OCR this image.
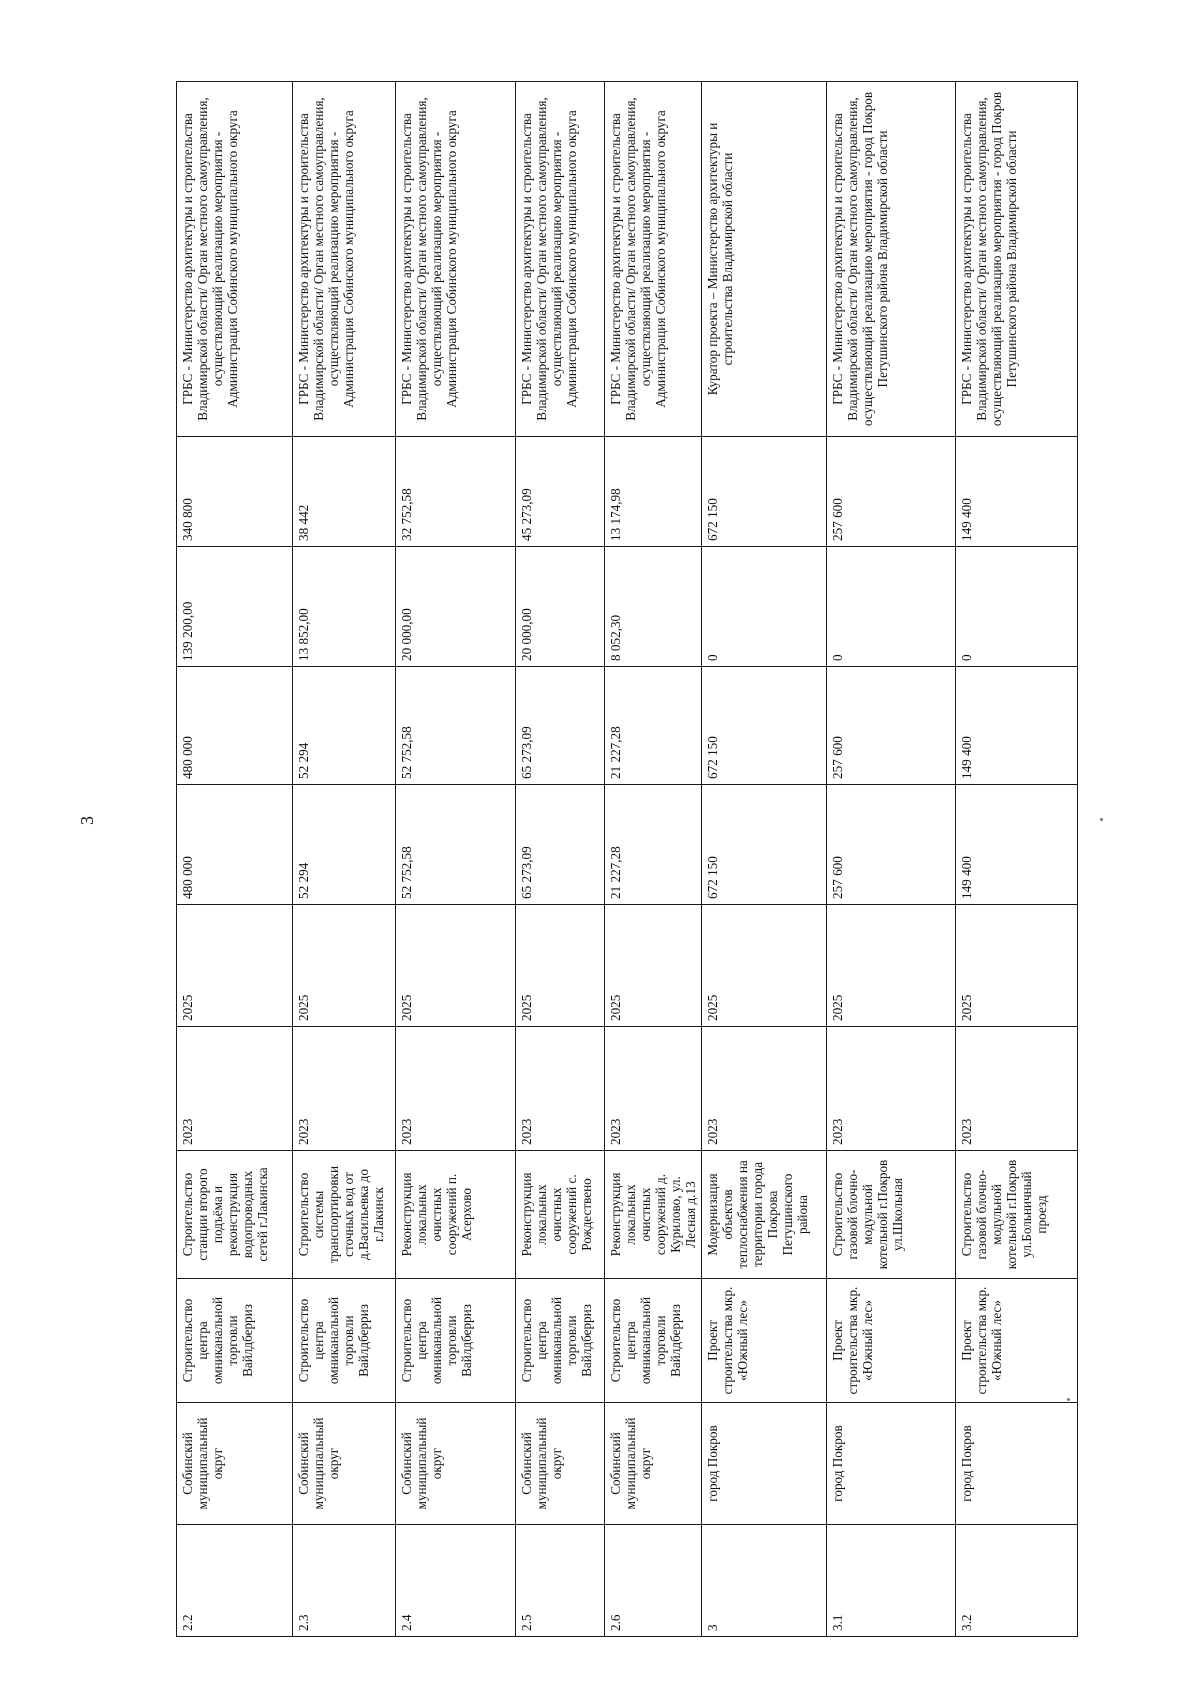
3
2.2	Собинский муниципальный округ	Строительство центра омниканальной торговли Вайлдберриз	Строительство станции второго подъёма и реконструкция водопроводных сетей г.Лакинска	2023	2025	480 000	480 000	139 200,00	340 800	ГРБС - Министерство архитектуры и строительства Владимирской области/ Орган местного самоуправления, осуществляющий реализацию мероприятия - Администрация Собинского муниципального округа
2.3	Собинский муниципальный округ	Строительство центра омниканальной торговли Вайлдберриз	Строительство системы транспортировки сточных вод от д.Васильевка до г.Лакинск	2023	2025	52 294	52 294	13 852,00	38 442	ГРБС - Министерство архитектуры и строительства Владимирской области/ Орган местного самоуправления, осуществляющий реализацию мероприятия - Администрация Собинского муниципального округа
2.4	Собинский муниципальный округ	Строительство центра омниканальной торговли Вайлдберриз	Реконструкция локальных очистных сооружений п. Асерхово	2023	2025	52 752,58	52 752,58	20 000,00	32 752,58	ГРБС - Министерство архитектуры и строительства Владимирской области/ Орган местного самоуправления, осуществляющий реализацию мероприятия - Администрация Собинского муниципального округа
2.5	Собинский муниципальный округ	Строительство центра омниканальной торговли Вайлдберриз	Реконструкция локальных очистных сооружений с. Рождествено	2023	2025	65 273,09	65 273,09	20 000,00	45 273,09	ГРБС - Министерство архитектуры и строительства Владимирской области/ Орган местного самоуправления, осуществляющий реализацию мероприятия - Администрация Собинского муниципального округа
2.6	Собинский муниципальный округ	Строительство центра омниканальной торговли Вайлдберриз	Реконструкция локальных очистных сооружений д. Курилово, ул. Лесная д.13	2023	2025	21 227,28	21 227,28	8 052,30	13 174,98	ГРБС - Министерство архитектуры и строительства Владимирской области/ Орган местного самоуправления, осуществляющий реализацию мероприятия - Администрация Собинского муниципального округа
3	город Покров	Проект строительства мкр. «Южный лес»	Модернизация объектов теплоснабжения на территории города Покрова Петушинского района	2023	2025	672 150	672 150	0	672 150	Куратор проекта – Министерство архитектуры и строительства Владимирской области
3.1	город Покров	Проект строительства мкр. «Южный лес»	Строительство газовой блочно-модульной котельной г.Покров ул.Школьная	2023	2025	257 600	257 600	0	257 600	ГРБС - Министерство архитектуры и строительства Владимирской области/ Орган местного самоуправления, осуществляющий реализацию мероприятия - город Покров Петушинского района Владимирской области
3.2	город Покров	Проект строительства мкр. «Южный лес»	Строительство газовой блочно-модульной котельной г.Покров ул.Больничный проезд	2023	2025	149 400	149 400	0	149 400	ГРБС - Министерство архитектуры и строительства Владимирской области/ Орган местного самоуправления, осуществляющий реализацию мероприятия - город Покров Петушинского района Владимирской области
